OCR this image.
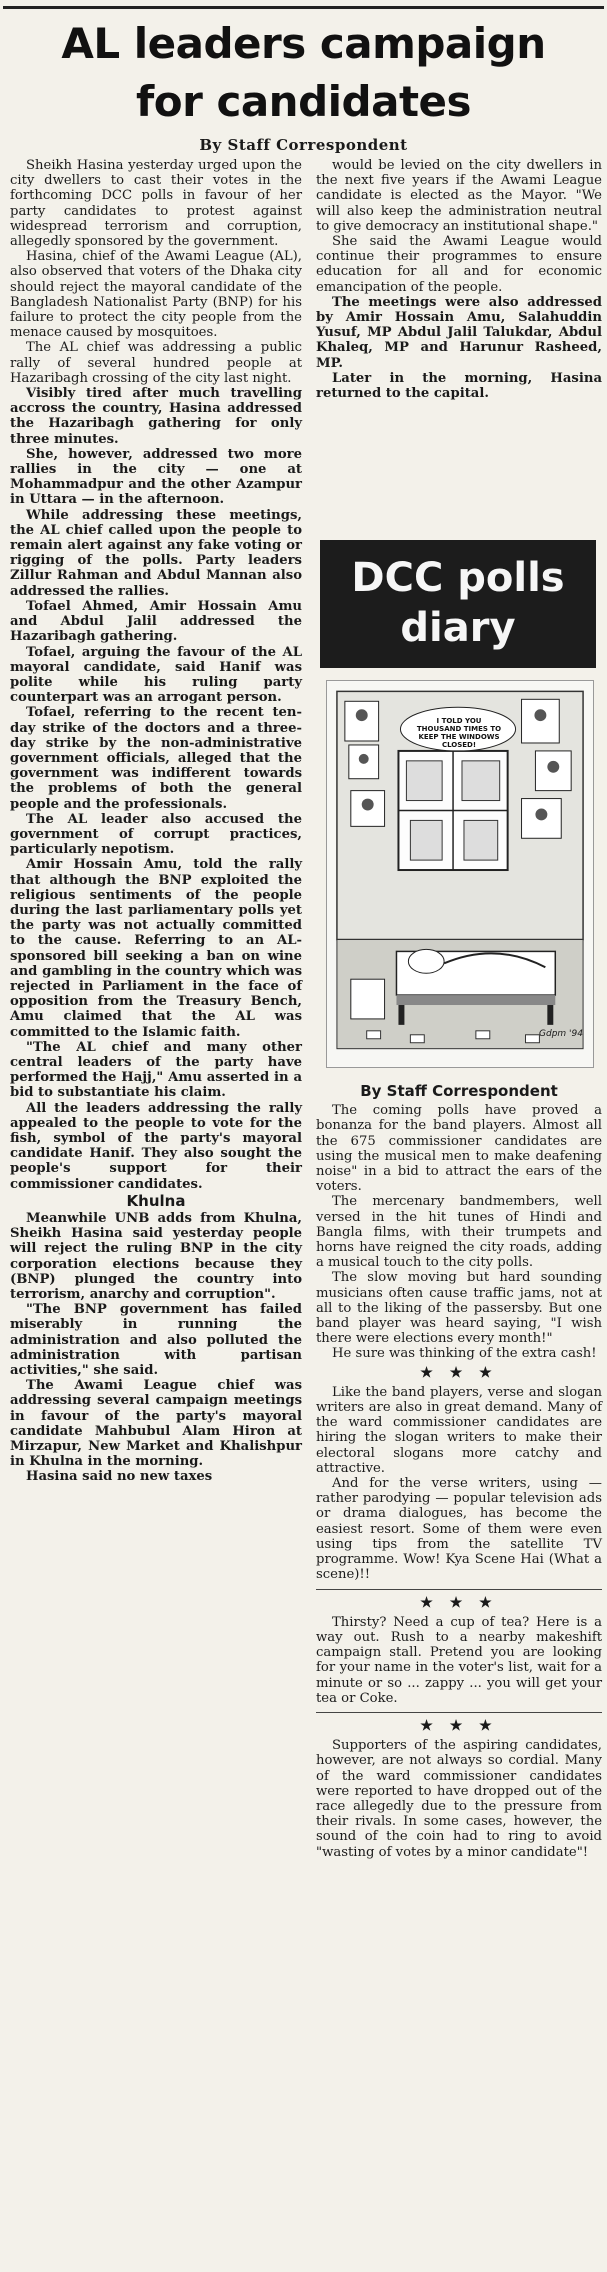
AL leaders campaign
for candidates
By Staff Correspondent

Sheikh Hasina yesterday urged upon the city dwellers to cast their votes in the forthcoming DCC polls in favour of her party candidates to protest against widespread terrorism and corruption, allegedly sponsored by the government.

Hasina, chief of the Awami League (AL), also observed that voters of the Dhaka city should reject the mayoral candidate of the Bangladesh Nationalist Party (BNP) for his failure to protect the city people from the menace caused by mosquitoes.

The AL chief was addressing a public rally of several hundred people at Hazaribagh crossing of the city last night.

Visibly tired after much travelling accross the country, Hasina addressed the Hazaribagh gathering for only three minutes.

She, however, addressed two more rallies in the city — one at Mohammadpur and the other Azampur in Uttara — in the afternoon.

While addressing these meetings, the AL chief called upon the people to remain alert against any fake voting or rigging of the polls. Party leaders Zillur Rahman and Abdul Mannan also addressed the rallies.

Tofael Ahmed, Amir Hossain Amu and Abdul Jalil addressed the Hazaribagh gathering.

Tofael, arguing the favour of the AL mayoral candidate, said Hanif was polite while his ruling party counterpart was an arrogant person.

Tofael, referring to the recent ten-day strike of the doctors and a three-day strike by the non-administrative government officials, alleged that the government was indifferent towards the problems of both the general people and the professionals.

The AL leader also accused the government of corrupt practices, particularly nepotism.

Amir Hossain Amu, told the rally that although the BNP exploited the religious sentiments of the people during the last parliamentary polls yet the party was not actually committed to the cause. Referring to an AL-sponsored bill seeking a ban on wine and gambling in the country which was rejected in Parliament in the face of opposition from the Treasury Bench, Amu claimed that the AL was committed to the Islamic faith.

"The AL chief and many other central leaders of the party have performed the Hajj," Amu asserted in a bid to substantiate his claim.

All the leaders addressing the rally appealed to the people to vote for the fish, symbol of the party's mayoral candidate Hanif. They also sought the people's support for their commissioner candidates.

Khulna

Meanwhile UNB adds from Khulna, Sheikh Hasina said yesterday people will reject the ruling BNP in the city corporation elections because they (BNP) plunged the country into terrorism, anarchy and corruption".

"The BNP government has failed miserably in running the administration and also polluted the administration with partisan activities," she said.

The Awami League chief was addressing several campaign meetings in favour of the party's mayoral candidate Mahbubul Alam Hiron at Mirzapur, New Market and Khalishpur in Khulna in the morning.

Hasina said no new taxes

would be levied on the city dwellers in the next five years if the Awami League candidate is elected as the Mayor. "We will also keep the administration neutral to give democracy an institutional shape."

She said the Awami League would continue their programmes to ensure education for all and for economic emancipation of the people.

The meetings were also addressed by Amir Hossain Amu, Salahuddin Yusuf, MP Abdul Jalil Talukdar, Abdul Khaleq, MP and Harunur Rasheed, MP.

Later in the morning, Hasina returned to the capital.

DCC polls
diary
I TOLD YOU THOUSAND TIMES TO KEEP THE WINDOWS CLOSED!
Gdpm '94
By Staff Correspondent

The coming polls have proved a bonanza for the band players. Almost all the 675 commissioner candidates are using the musical men to make deafening noise" in a bid to attract the ears of the voters.

The mercenary bandmembers, well versed in the hit tunes of Hindi and Bangla films, with their trumpets and horns have reigned the city roads, adding a musical touch to the city polls.

The slow moving but hard sounding musicians often cause traffic jams, not at all to the liking of the passersby. But one band player was heard saying, "I wish there were elections every month!"

He sure was thinking of the extra cash!

★ ★ ★

Like the band players, verse and slogan writers are also in great demand. Many of the ward commissioner candidates are hiring the slogan writers to make their electoral slogans more catchy and attractive.

And for the verse writers, using — rather parodying — popular television ads or drama dialogues, has become the easiest resort. Some of them were even using tips from the satellite TV programme. Wow! Kya Scene Hai (What a scene)!!

★ ★ ★

Thirsty? Need a cup of tea? Here is a way out. Rush to a nearby makeshift campaign stall. Pretend you are looking for your name in the voter's list, wait for a minute or so ... zappy ... you will get your tea or Coke.

★ ★ ★

Supporters of the aspiring candidates, however, are not always so cordial. Many of the ward commissioner candidates were reported to have dropped out of the race allegedly due to the pressure from their rivals. In some cases, however, the sound of the coin had to ring to avoid "wasting of votes by a minor candidate"!
